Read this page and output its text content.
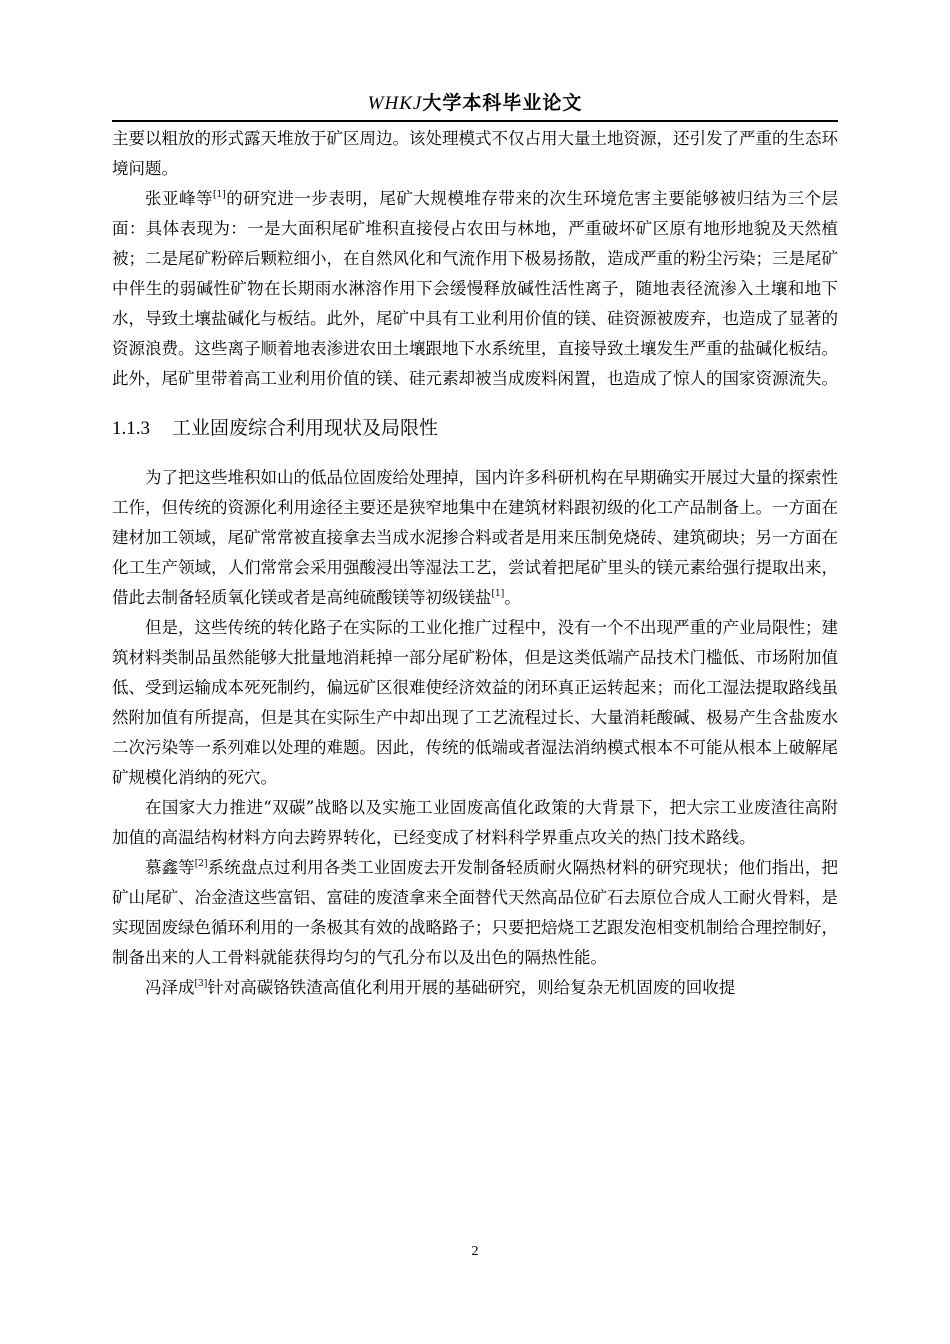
WHKJ大学本科毕业论文

主要以粗放的形式露天堆放于矿区周边。该处理模式不仅占用大量土地资源，还引发了严重的生态环境问题。

张亚峰等[1]的研究进一步表明，尾矿大规模堆存带来的次生环境危害主要能够被归结为三个层面：具体表现为：一是大面积尾矿堆积直接侵占农田与林地，严重破坏矿区原有地形地貌及天然植被；二是尾矿粉碎后颗粒细小，在自然风化和气流作用下极易扬散，造成严重的粉尘污染；三是尾矿中伴生的弱碱性矿物在长期雨水淋溶作用下会缓慢释放碱性活性离子，随地表径流渗入土壤和地下水，导致土壤盐碱化与板结。此外，尾矿中具有工业利用价值的镁、硅资源被废弃，也造成了显著的资源浪费。这些离子顺着地表渗进农田土壤跟地下水系统里，直接导致土壤发生严重的盐碱化板结。此外，尾矿里带着高工业利用价值的镁、硅元素却被当成废料闲置，也造成了惊人的国家资源流失。

1.1.3 工业固废综合利用现状及局限性

为了把这些堆积如山的低品位固废给处理掉，国内许多科研机构在早期确实开展过大量的探索性工作，但传统的资源化利用途径主要还是狭窄地集中在建筑材料跟初级的化工产品制备上。一方面在建材加工领域，尾矿常常被直接拿去当成水泥掺合料或者是用来压制免烧砖、建筑砌块；另一方面在化工生产领域，人们常常会采用强酸浸出等湿法工艺，尝试着把尾矿里头的镁元素给强行提取出来，借此去制备轻质氧化镁或者是高纯硫酸镁等初级镁盐[1]。

但是，这些传统的转化路子在实际的工业化推广过程中，没有一个不出现严重的产业局限性；建筑材料类制品虽然能够大批量地消耗掉一部分尾矿粉体，但是这类低端产品技术门槛低、市场附加值低、受到运输成本死死制约，偏远矿区很难使经济效益的闭环真正运转起来；而化工湿法提取路线虽然附加值有所提高，但是其在实际生产中却出现了工艺流程过长、大量消耗酸碱、极易产生含盐废水二次污染等一系列难以处理的难题。因此，传统的低端或者湿法消纳模式根本不可能从根本上破解尾矿规模化消纳的死穴。

在国家大力推进“双碳”战略以及实施工业固废高值化政策的大背景下，把大宗工业废渣往高附加值的高温结构材料方向去跨界转化，已经变成了材料科学界重点攻关的热门技术路线。

慕鑫等[2]系统盘点过利用各类工业固废去开发制备轻质耐火隔热材料的研究现状；他们指出，把矿山尾矿、冶金渣这些富铝、富硅的废渣拿来全面替代天然高品位矿石去原位合成人工耐火骨料，是实现固废绿色循环利用的一条极其有效的战略路子；只要把焙烧工艺跟发泡相变机制给合理控制好，制备出来的人工骨料就能获得均匀的气孔分布以及出色的隔热性能。

冯泽成[3]针对高碳铬铁渣高值化利用开展的基础研究，则给复杂无机固废的回收提

2
